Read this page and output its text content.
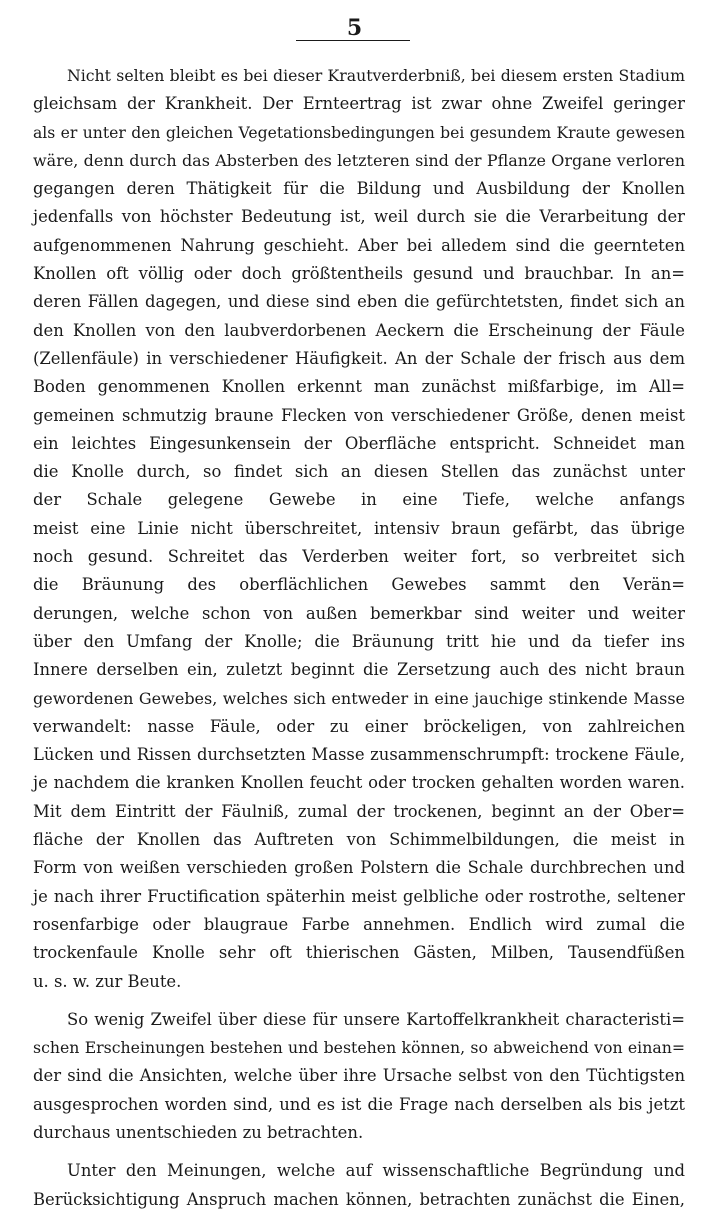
5
Nicht selten bleibt es bei dieser Krautverderbniß, bei diesem ersten Stadium
gleichsam der Krankheit. Der Ernteertrag ist zwar ohne Zweifel geringer
als er unter den gleichen Vegetationsbedingungen bei gesundem Kraute gewesen
wäre, denn durch das Absterben des letzteren sind der Pflanze Organe verloren
gegangen deren Thätigkeit für die Bildung und Ausbildung der Knollen
jedenfalls von höchster Bedeutung ist, weil durch sie die Verarbeitung der
aufgenommenen Nahrung geschieht. Aber bei alledem sind die geernteten
Knollen oft völlig oder doch größtentheils gesund und brauchbar. In an=
deren Fällen dagegen, und diese sind eben die gefürchtetsten, findet sich an
den Knollen von den laubverdorbenen Aeckern die Erscheinung der Fäule
(Zellenfäule) in verschiedener Häufigkeit. An der Schale der frisch aus dem
Boden genommenen Knollen erkennt man zunächst mißfarbige, im All=
gemeinen schmutzig braune Flecken von verschiedener Größe, denen meist
ein leichtes Eingesunkensein der Oberfläche entspricht. Schneidet man
die Knolle durch, so findet sich an diesen Stellen das zunächst unter
der Schale gelegene Gewebe in eine Tiefe, welche anfangs
meist eine Linie nicht überschreitet, intensiv braun gefärbt, das übrige
noch gesund. Schreitet das Verderben weiter fort, so verbreitet sich
die Bräunung des oberflächlichen Gewebes sammt den Verän=
derungen, welche schon von außen bemerkbar sind weiter und weiter
über den Umfang der Knolle; die Bräunung tritt hie und da tiefer ins
Innere derselben ein, zuletzt beginnt die Zersetzung auch des nicht braun
gewordenen Gewebes, welches sich entweder in eine jauchige stinkende Masse
verwandelt: nasse Fäule, oder zu einer bröckeligen, von zahlreichen
Lücken und Rissen durchsetzten Masse zusammenschrumpft: trockene Fäule,
je nachdem die kranken Knollen feucht oder trocken gehalten worden waren.
Mit dem Eintritt der Fäulniß, zumal der trockenen, beginnt an der Ober=
fläche der Knollen das Auftreten von Schimmelbildungen, die meist in
Form von weißen verschieden großen Polstern die Schale durchbrechen und
je nach ihrer Fructification späterhin meist gelbliche oder rostrothe, seltener
rosenfarbige oder blaugraue Farbe annehmen. Endlich wird zumal die
trockenfaule Knolle sehr oft thierischen Gästen, Milben, Tausendfüßen
u. s. w. zur Beute.
So wenig Zweifel über diese für unsere Kartoffelkrankheit characteristi=
schen Erscheinungen bestehen und bestehen können, so abweichend von einan=
der sind die Ansichten, welche über ihre Ursache selbst von den Tüchtigsten
ausgesprochen worden sind, und es ist die Frage nach derselben als bis jetzt
durchaus unentschieden zu betrachten.
Unter den Meinungen, welche auf wissenschaftliche Begründung und
Berücksichtigung Anspruch machen können, betrachten zunächst die Einen,
